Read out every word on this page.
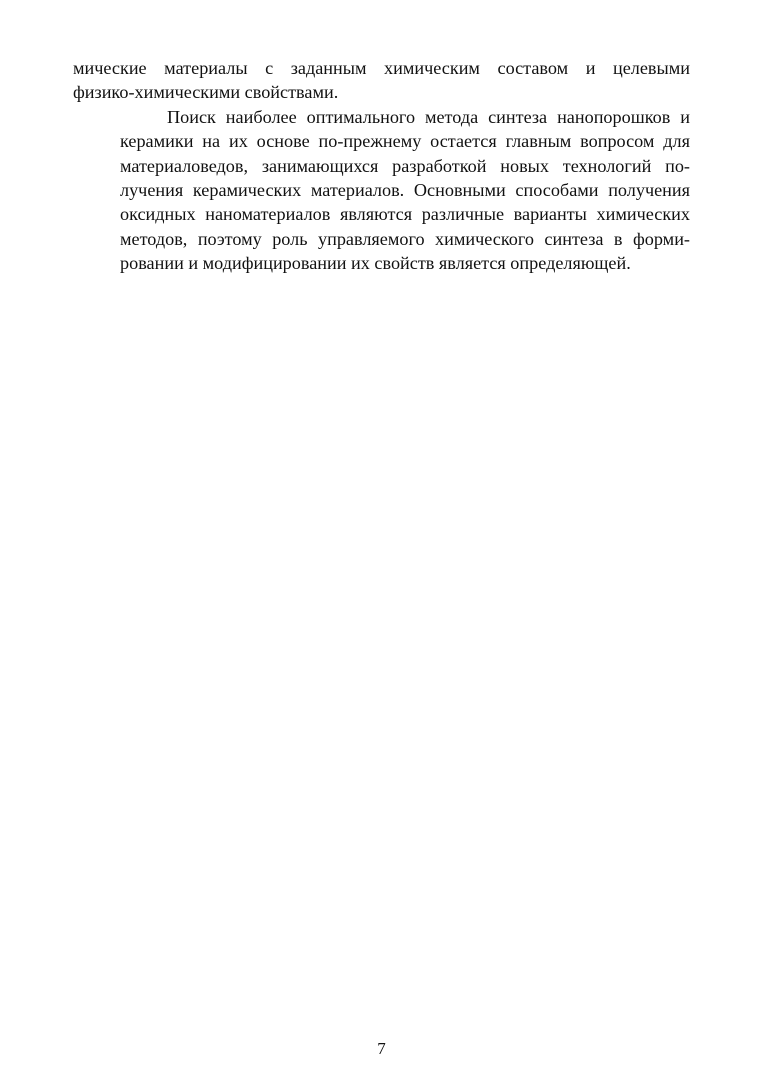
мические материалы с заданным химическим составом и целевыми
физико-химическими свойствами.

Поиск наиболее оптимального метода синтеза нанопорошков и
керамики на их основе по-прежнему остается главным вопросом для
материаловедов, занимающихся разработкой новых технологий по-
лучения керамических материалов. Основными способами получения
оксидных наноматериалов являются различные варианты химических
методов, поэтому роль управляемого химического синтеза в форми-
ровании и модифицировании их свойств является определяющей.

7
